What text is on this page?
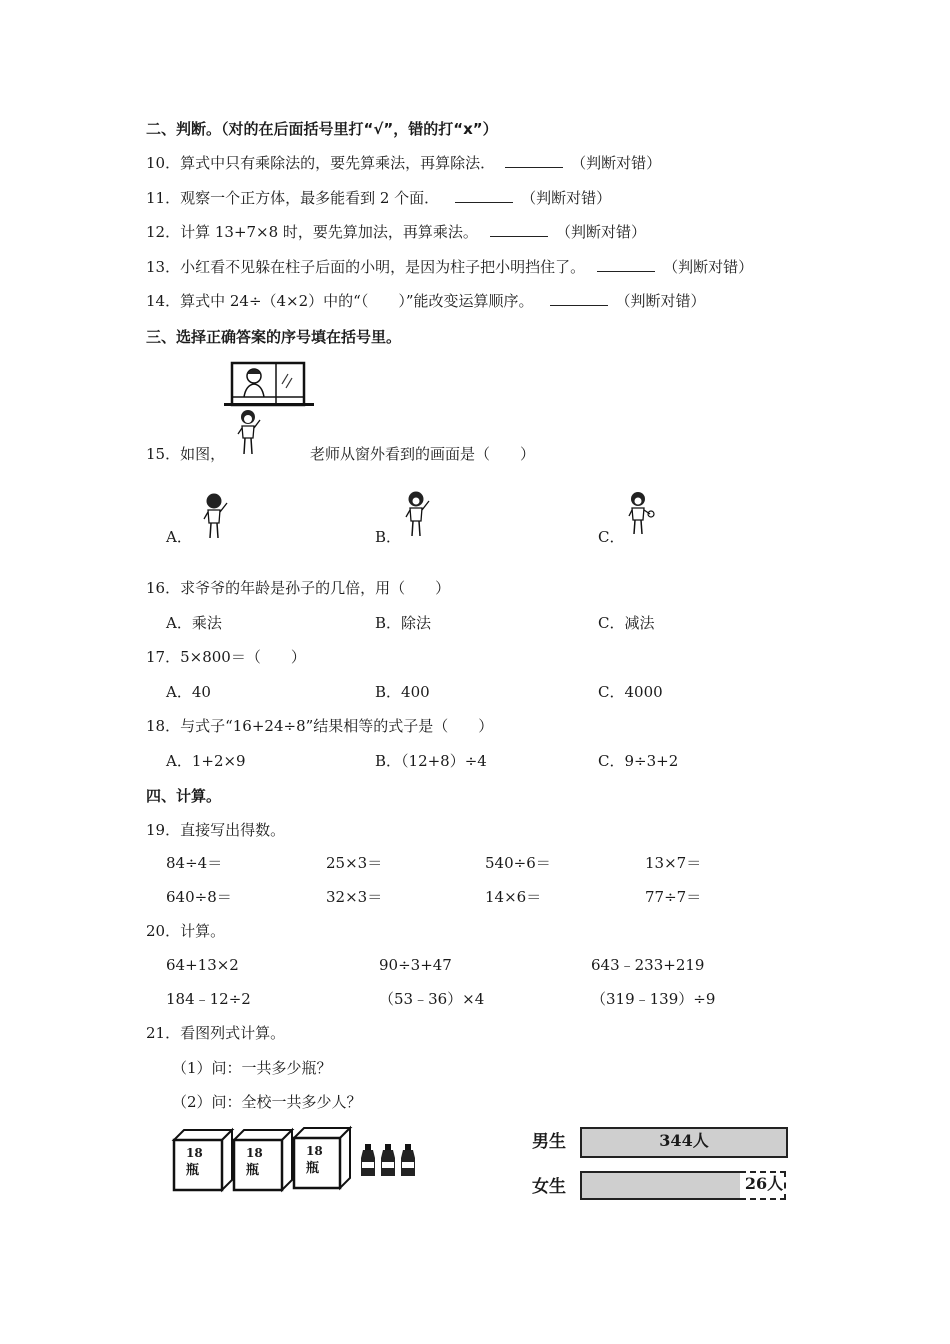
二、判断。（对的在后面括号里打“√”，错的打“x”）
10．算式中只有乘除法的，要先算乘法，再算除法．	（判断对错）
11．观察一个正方体，最多能看到 2 个面．	（判断对错）
12．计算 13+7×8 时，要先算加法，再算乘法。	（判断对错）
13．小红看不见躲在柱子后面的小明，是因为柱子把小明挡住了。	（判断对错）
14．算式中 24÷（4×2）中的“（　　）”能改变运算顺序。	（判断对错）
三、选择正确答案的序号填在括号里。
15．如图，	老师从窗外看到的画面是（　　）
A．	B．	C．
16．求爷爷的年龄是孙子的几倍，用（　　）
A．乘法	B．除法	C．减法
17．5×800＝（　　）
A．40	B．400	C．4000
18．与式子“16+24÷8”结果相等的式子是（　　）
A．1+2×9	B．（12+8）÷4	C．9÷3+2
四、计算。
19．直接写出得数。
84÷4＝	25×3＝	540÷6＝	13×7＝
640÷8＝	32×3＝	14×6＝	77÷7＝
20．计算。
64+13×2	90÷3+47	643﹣233+219
184﹣12÷2	（53﹣36）×4	（319﹣139）÷9
21．看图列式计算。
（1）问：一共多少瓶？
（2）问：全校一共多少人？
18
瓶
18
瓶
18
瓶
男生	344人
女生	26人
